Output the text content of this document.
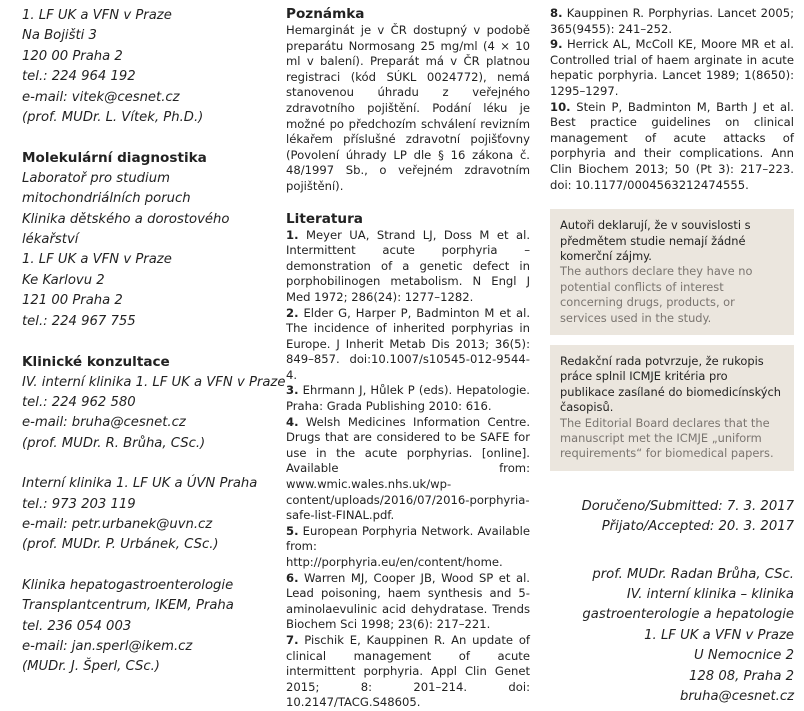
1. LF UK a VFN v Praze
Na Bojišti 3
120 00 Praha 2
tel.: 224 964 192
e-mail: vitek@cesnet.cz
(prof. MUDr. L. Vítek, Ph.D.)
Molekulární diagnostika
Laboratoř pro studium
mitochondriálních poruch
Klinika dětského a dorostového
lékařství
1. LF UK a VFN v Praze
Ke Karlovu 2
121 00 Praha 2
tel.: 224 967 755
Klinické konzultace
IV. interní klinika 1. LF UK a VFN v Praze
tel.: 224 962 580
e-mail: bruha@cesnet.cz
(prof. MUDr. R. Brůha, CSc.)
Interní klinika 1. LF UK a ÚVN Praha
tel.: 973 203 119
e-mail: petr.urbanek@uvn.cz
(prof. MUDr. P. Urbánek, CSc.)
Klinika hepatogastroenterologie
Transplantcentrum, IKEM, Praha
tel. 236 054 003
e-mail: jan.sperl@ikem.cz
(MUDr. J. Šperl, CSc.)
Poznámka
Hemarginát je v ČR dostupný v podobě preparátu Normosang 25 mg/ml (4 × 10 ml v balení). Preparát má v ČR platnou registraci (kód SÚKL 0024772), nemá stanovenou úhradu z veřejného zdravotního pojištění. Podání léku je možné po předchozím schválení revizním lékařem příslušné zdravotní pojišťovny (Povolení úhrady LP dle § 16 zákona č. 48/1997 Sb., o veřejném zdravotním pojištění).
Literatura
1. Meyer UA, Strand LJ, Doss M et al. Intermittent acute porphyria – demonstration of a genetic defect in porphobilinogen metabolism. N Engl J Med 1972; 286(24): 1277–1282.
2. Elder G, Harper P, Badminton M et al. The incidence of inherited porphyrias in Europe. J Inherit Metab Dis 2013; 36(5): 849–857. doi:10.1007/s10545-012-9544-4.
3. Ehrmann J, Hůlek P (eds). Hepatologie. Praha: Grada Publishing 2010: 616.
4. Welsh Medicines Information Centre. Drugs that are considered to be SAFE for use in the acute porphyrias. [online]. Available from: www.wmic.wales.nhs.uk/wp-content/uploads/2016/07/2016-porphyria-safe-list-FINAL.pdf.
5. European Porphyria Network. Available from: http://porphyria.eu/en/content/home.
6. Warren MJ, Cooper JB, Wood SP et al. Lead poisoning, haem synthesis and 5-aminolaevulinic acid dehydratase. Trends Biochem Sci 1998; 23(6): 217–221.
7. Pischik E, Kauppinen R. An update of clinical management of acute intermittent porphyria. Appl Clin Genet 2015; 8: 201–214. doi: 10.2147/TACG.S48605.
8. Kauppinen R. Porphyrias. Lancet 2005; 365(9455): 241–252.
9. Herrick AL, McColl KE, Moore MR et al. Controlled trial of haem arginate in acute hepatic porphyria. Lancet 1989; 1(8650): 1295–1297.
10. Stein P, Badminton M, Barth J et al. Best practice guidelines on clinical management of acute attacks of porphyria and their complications. Ann Clin Biochem 2013; 50 (Pt 3): 217–223. doi: 10.1177/0004563212474555.
Autoři deklarují, že v souvislosti s předmětem studie nemají žádné komerční zájmy.
The authors declare they have no potential conflicts of interest concerning drugs, products, or services used in the study.
Redakční rada potvrzuje, že rukopis práce splnil ICMJE kritéria pro publikace zasílané do biomedicínských časopisů.
The Editorial Board declares that the manuscript met the ICMJE „uniform requirements“ for biomedical papers.
Doručeno/Submitted: 7. 3. 2017
Přijato/Accepted: 20. 3. 2017
prof. MUDr. Radan Brůha, CSc.
IV. interní klinika – klinika
gastroenterologie a hepatologie
1. LF UK a VFN v Praze
U Nemocnice 2
128 08, Praha 2
bruha@cesnet.cz
